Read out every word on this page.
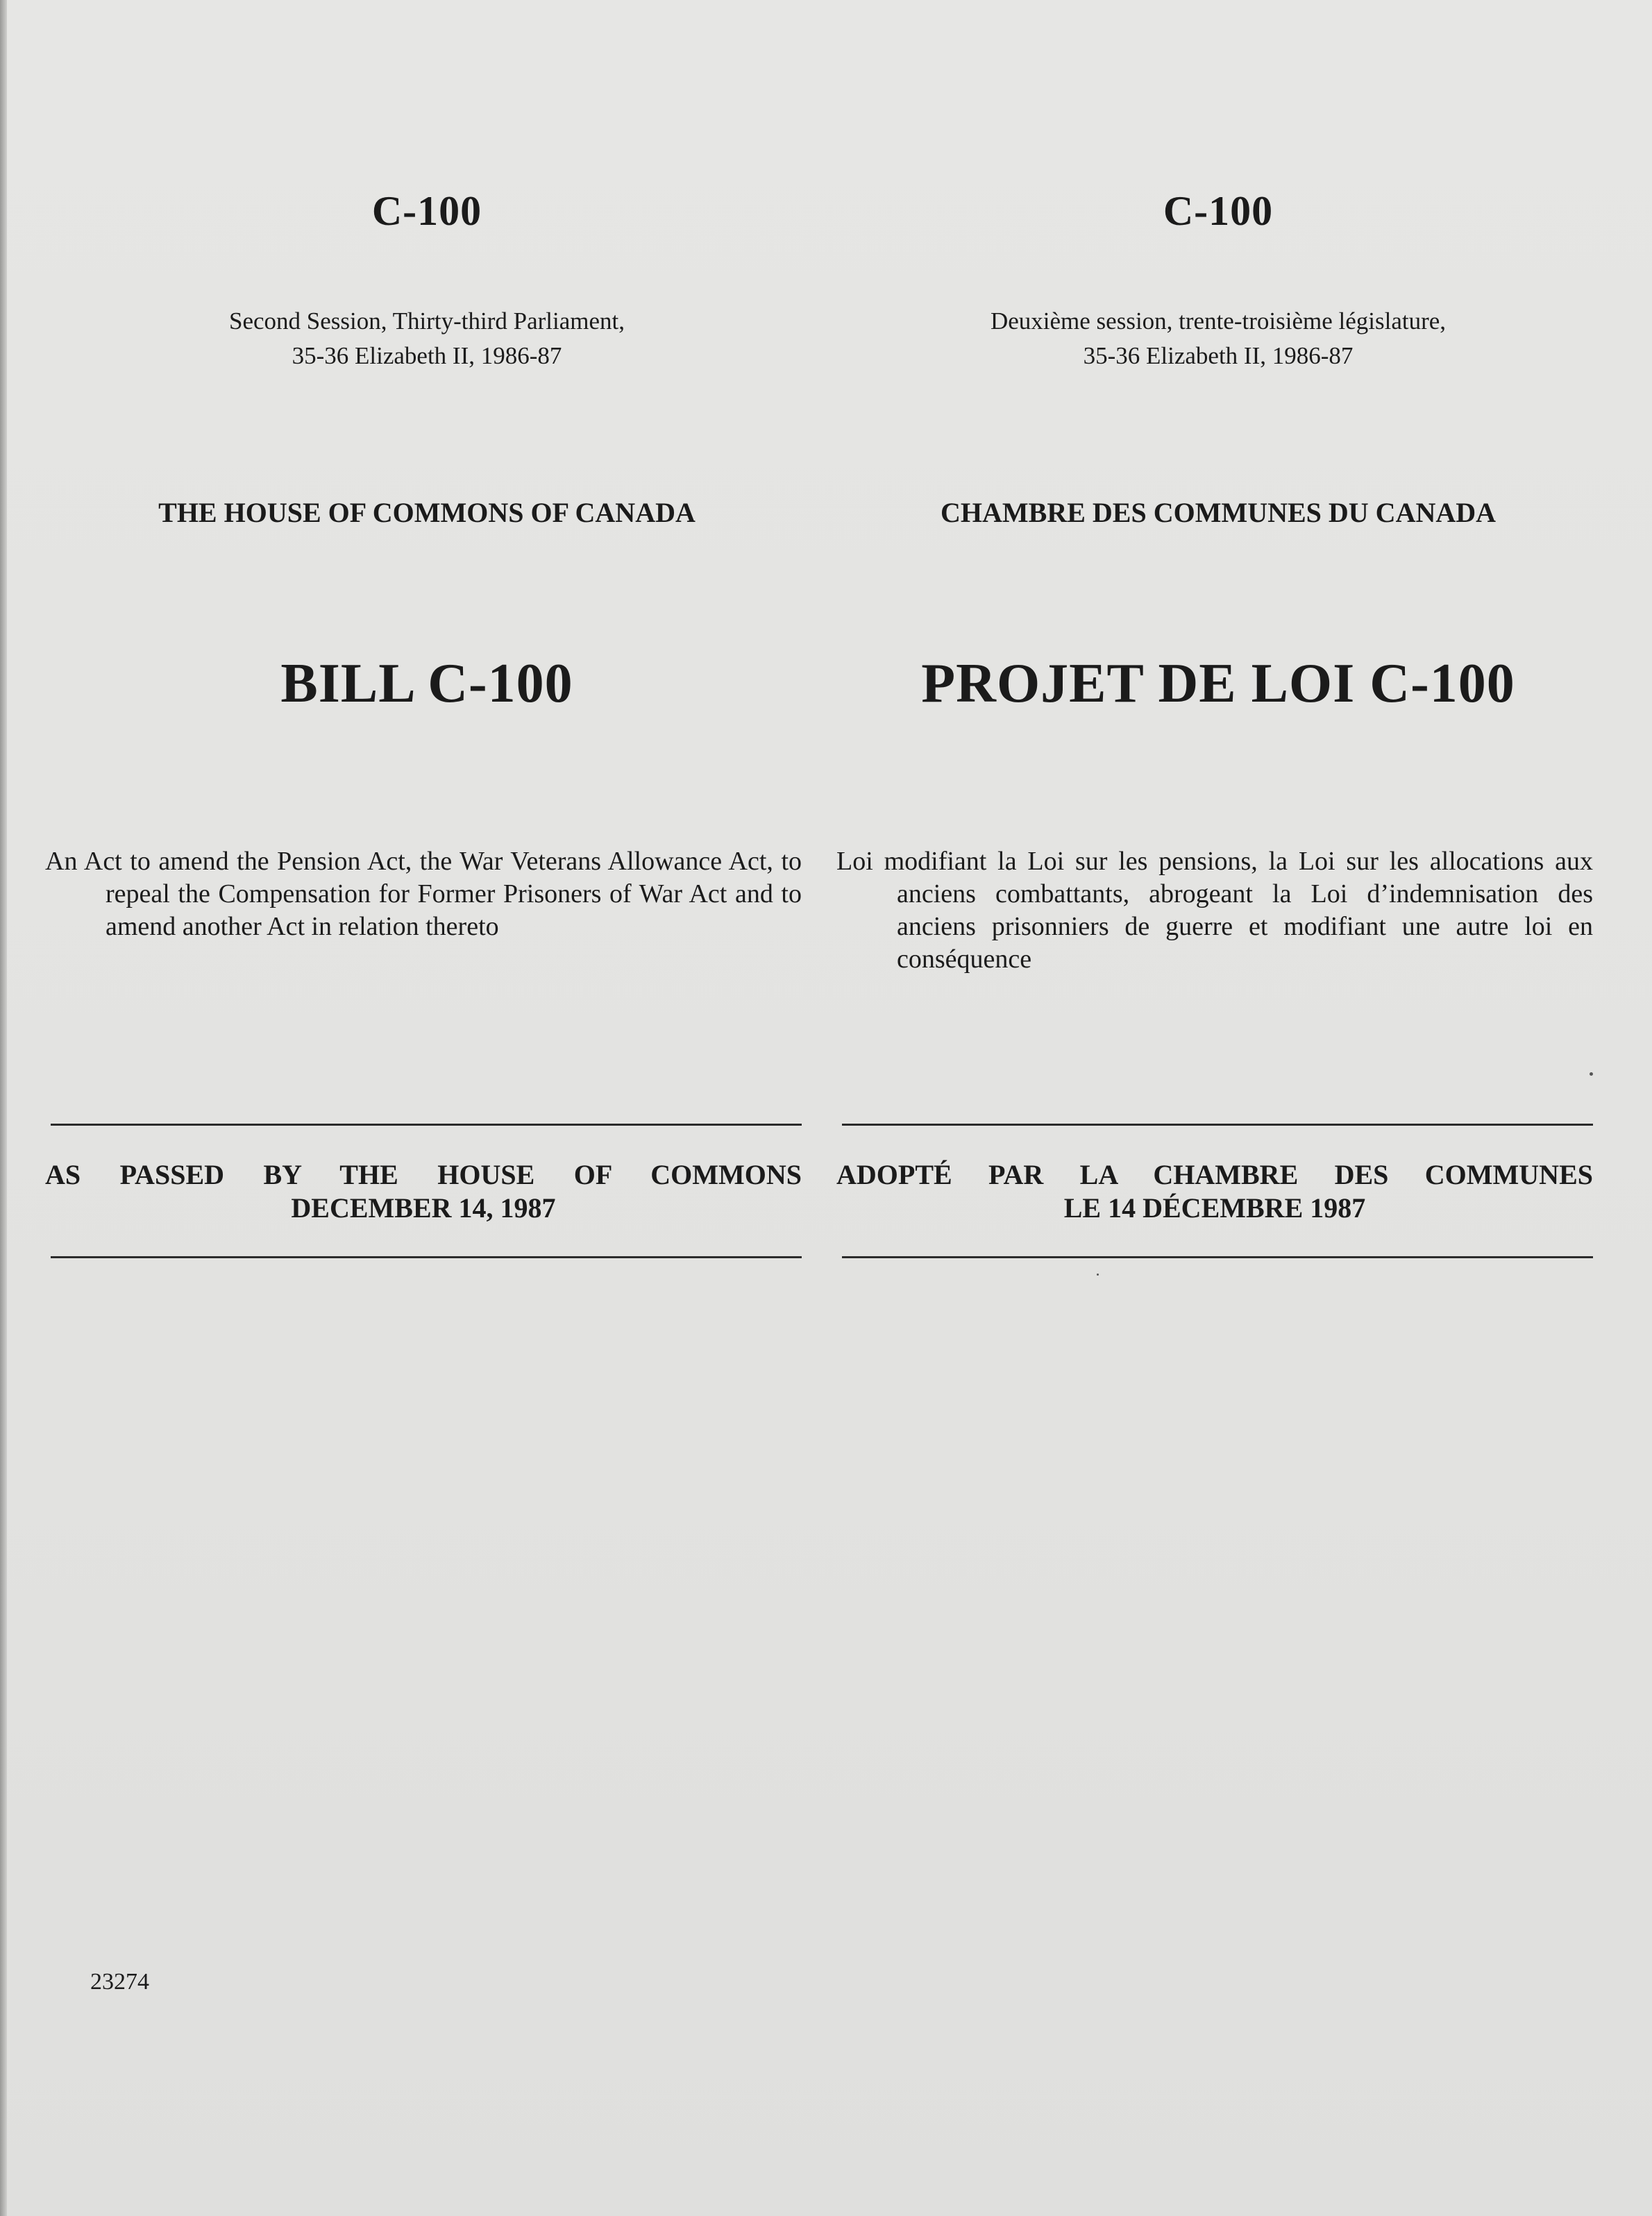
C-100

Second Session, Thirty-third Parliament,
35-36 Elizabeth II, 1986-87

THE HOUSE OF COMMONS OF CANADA

BILL C-100

An Act to amend the Pension Act, the War Veterans Allowance Act, to repeal the Compensation for Former Prisoners of War Act and to amend another Act in relation thereto

AS PASSED BY THE HOUSE OF COMMONS
DECEMBER 14, 1987

C-100

Deuxième session, trente-troisième législature,
35-36 Elizabeth II, 1986-87

CHAMBRE DES COMMUNES DU CANADA

PROJET DE LOI C-100

Loi modifiant la Loi sur les pensions, la Loi sur les allocations aux anciens combattants, abrogeant la Loi d’indemnisation des anciens prisonniers de guerre et modifiant une autre loi en conséquence

ADOPTÉ PAR LA CHAMBRE DES COMMUNES
LE 14 DÉCEMBRE 1987

23274
